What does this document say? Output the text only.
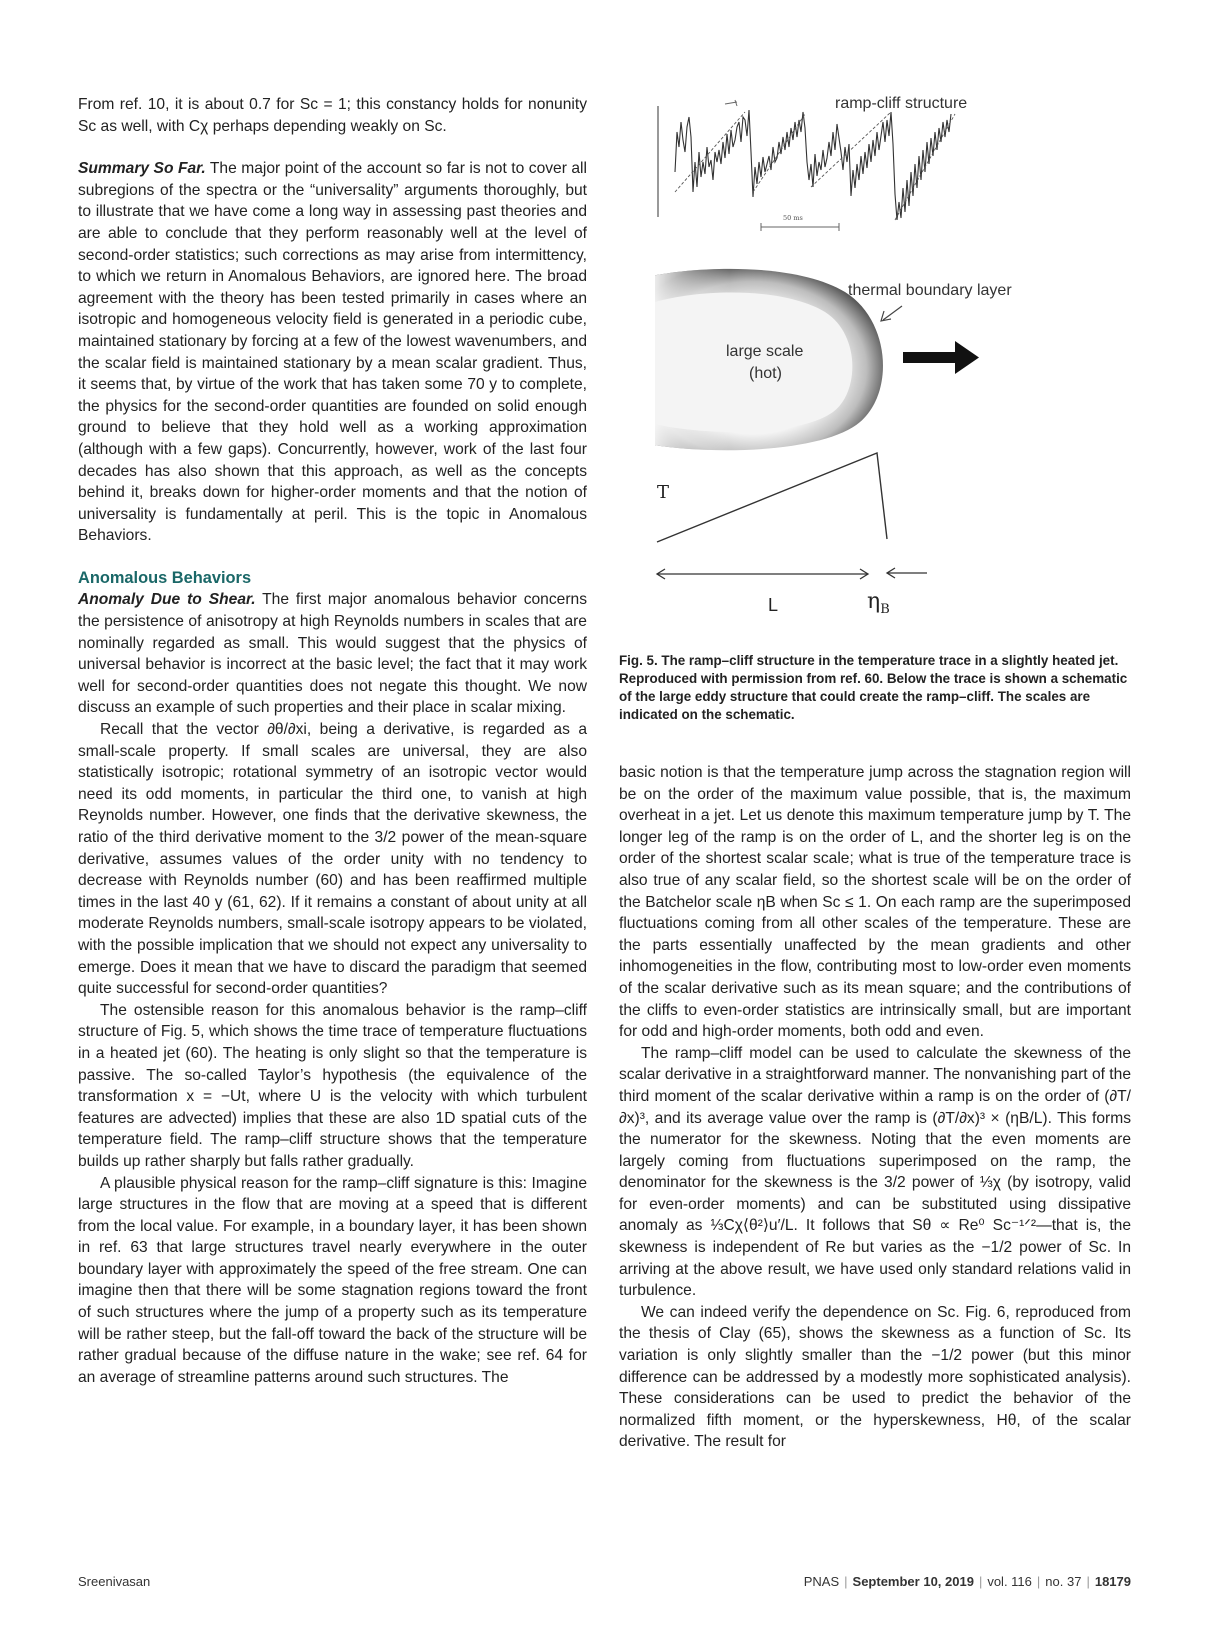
From ref. 10, it is about 0.7 for Sc = 1; this constancy holds for nonunity Sc as well, with Cχ perhaps depending weakly on Sc.

Summary So Far. The major point of the account so far is not to cover all subregions of the spectra or the “universality” arguments thoroughly, but to illustrate that we have come a long way in assessing past theories and are able to conclude that they perform reasonably well at the level of second-order statistics; such corrections as may arise from intermittency, to which we return in Anomalous Behaviors, are ignored here. The broad agreement with the theory has been tested primarily in cases where an isotropic and homogeneous velocity field is generated in a periodic cube, maintained stationary by forcing at a few of the lowest wavenumbers, and the scalar field is maintained stationary by a mean scalar gradient. Thus, it seems that, by virtue of the work that has taken some 70 y to complete, the physics for the second-order quantities are founded on solid enough ground to believe that they hold well as a working approximation (although with a few gaps). Concurrently, however, work of the last four decades has also shown that this approach, as well as the concepts behind it, breaks down for higher-order moments and that the notion of universality is fundamentally at peril. This is the topic in Anomalous Behaviors.

Anomalous Behaviors

Anomaly Due to Shear. The first major anomalous behavior concerns the persistence of anisotropy at high Reynolds numbers in scales that are nominally regarded as small. This would suggest that the physics of universal behavior is incorrect at the basic level; the fact that it may work well for second-order quantities does not negate this thought. We now discuss an example of such properties and their place in scalar mixing.

Recall that the vector ∂θ/∂xi, being a derivative, is regarded as a small-scale property. If small scales are universal, they are also statistically isotropic; rotational symmetry of an isotropic vector would need its odd moments, in particular the third one, to vanish at high Reynolds number. However, one finds that the derivative skewness, the ratio of the third derivative moment to the 3/2 power of the mean-square derivative, assumes values of the order unity with no tendency to decrease with Reynolds number (60) and has been reaffirmed multiple times in the last 40 y (61, 62). If it remains a constant of about unity at all moderate Reynolds numbers, small-scale isotropy appears to be violated, with the possible implication that we should not expect any universality to emerge. Does it mean that we have to discard the paradigm that seemed quite successful for second-order quantities?

The ostensible reason for this anomalous behavior is the ramp–cliff structure of Fig. 5, which shows the time trace of temperature fluctuations in a heated jet (60). The heating is only slight so that the temperature is passive. The so-called Taylor’s hypothesis (the equivalence of the transformation x = −Ut, where U is the velocity with which turbulent features are advected) implies that these are also 1D spatial cuts of the temperature field. The ramp–cliff structure shows that the temperature builds up rather sharply but falls rather gradually.

A plausible physical reason for the ramp–cliff signature is this: Imagine large structures in the flow that are moving at a speed that is different from the local value. For example, in a boundary layer, it has been shown in ref. 63 that large structures travel nearly everywhere in the outer boundary layer with approximately the speed of the free stream. One can imagine then that there will be some stagnation regions toward the front of such structures where the jump of a property such as its temperature will be rather steep, but the fall-off toward the back of the structure will be rather gradual because of the diffuse nature in the wake; see ref. 64 for an average of streamline patterns around such structures. The

50 ms
ramp-cliff structure
large scale
(hot)
thermal boundary layer
T
L	$\eta_B$
Fig. 5. The ramp–cliff structure in the temperature trace in a slightly heated jet. Reproduced with permission from ref. 60. Below the trace is shown a schematic of the large eddy structure that could create the ramp–cliff. The scales are indicated on the schematic.

basic notion is that the temperature jump across the stagnation region will be on the order of the maximum value possible, that is, the maximum overheat in a jet. Let us denote this maximum temperature jump by T. The longer leg of the ramp is on the order of L, and the shorter leg is on the order of the shortest scalar scale; what is true of the temperature trace is also true of any scalar field, so the shortest scale will be on the order of the Batchelor scale ηB when Sc ≤ 1. On each ramp are the superimposed fluctuations coming from all other scales of the temperature. These are the parts essentially unaffected by the mean gradients and other inhomogeneities in the flow, contributing most to low-order even moments of the scalar derivative such as its mean square; and the contributions of the cliffs to even-order statistics are intrinsically small, but are important for odd and high-order moments, both odd and even.

The ramp–cliff model can be used to calculate the skewness of the scalar derivative in a straightforward manner. The nonvanishing part of the third moment of the scalar derivative within a ramp is on the order of (∂T/∂x)³, and its average value over the ramp is (∂T/∂x)³ × (ηB/L). This forms the numerator for the skewness. Noting that the even moments are largely coming from fluctuations superimposed on the ramp, the denominator for the skewness is the 3/2 power of ⅓χ (by isotropy, valid for even-order moments) and can be substituted using dissipative anomaly as ⅓Cχ⟨θ²⟩u′/L. It follows that Sθ ∝ Re⁰ Sc⁻¹ᐟ²—that is, the skewness is independent of Re but varies as the −1/2 power of Sc. In arriving at the above result, we have used only standard relations valid in turbulence.

We can indeed verify the dependence on Sc. Fig. 6, reproduced from the thesis of Clay (65), shows the skewness as a function of Sc. Its variation is only slightly smaller than the −1/2 power (but this minor difference can be addressed by a modestly more sophisticated analysis). These considerations can be used to predict the behavior of the normalized fifth moment, or the hyperskewness, Hθ, of the scalar derivative. The result for

Sreenivasan	PNAS | September 10, 2019 | vol. 116 | no. 37 | 18179
